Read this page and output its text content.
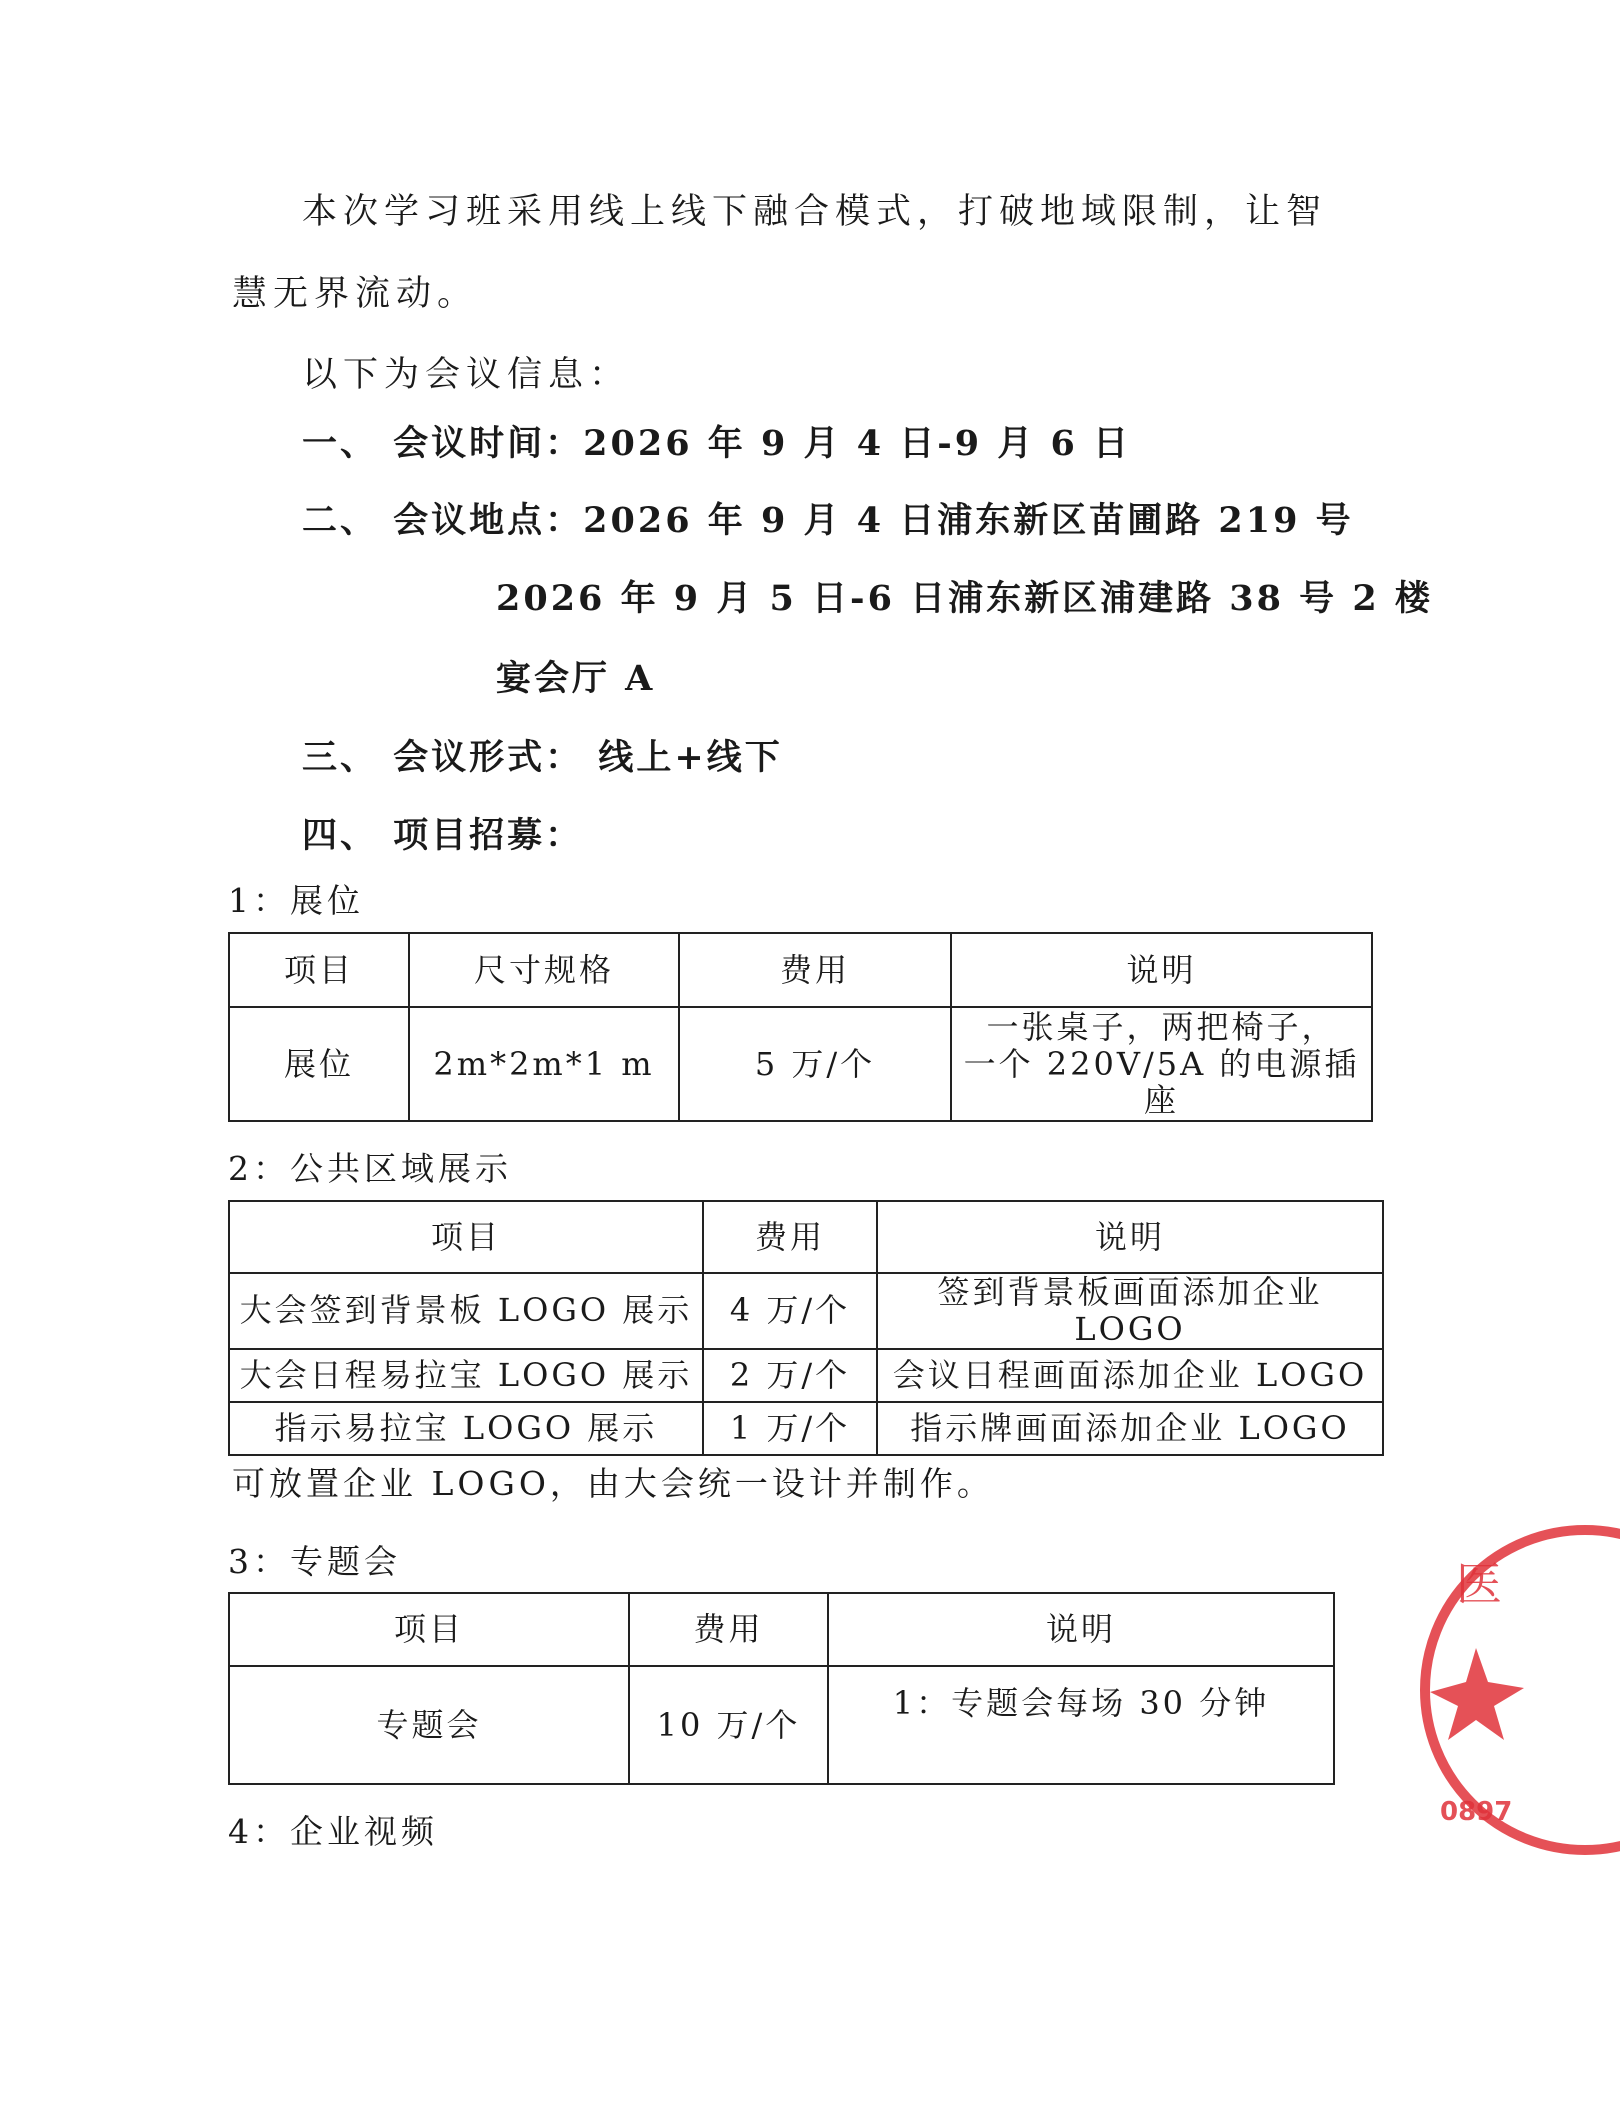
本次学习班采用线上线下融合模式，打破地域限制，让智
慧无界流动。
以下为会议信息：
一、 会议时间：2026 年 9 月 4 日-9 月 6 日
二、 会议地点：2026 年 9 月 4 日浦东新区苗圃路 219 号
2026 年 9 月 5 日-6 日浦东新区浦建路 38 号 2 楼
宴会厅 A
三、 会议形式： 线上+线下
四、 项目招募：
1：展位
项目	尺寸规格	费用	说明
展位	2m*2m*1 m	5 万/个	一张桌子，两把椅子，
一个 220V/5A 的电源插
座
2：公共区域展示
项目	费用	说明
大会签到背景板 LOGO 展示	4 万/个	签到背景板画面添加企业 LOGO
大会日程易拉宝 LOGO 展示	2 万/个	会议日程画面添加企业 LOGO
指示易拉宝 LOGO 展示	1 万/个	指示牌画面添加企业 LOGO
可放置企业 LOGO，由大会统一设计并制作。
3：专题会
项目	费用	说明
专题会	10 万/个	1：专题会每场 30 分钟
4：企业视频
医
0897
